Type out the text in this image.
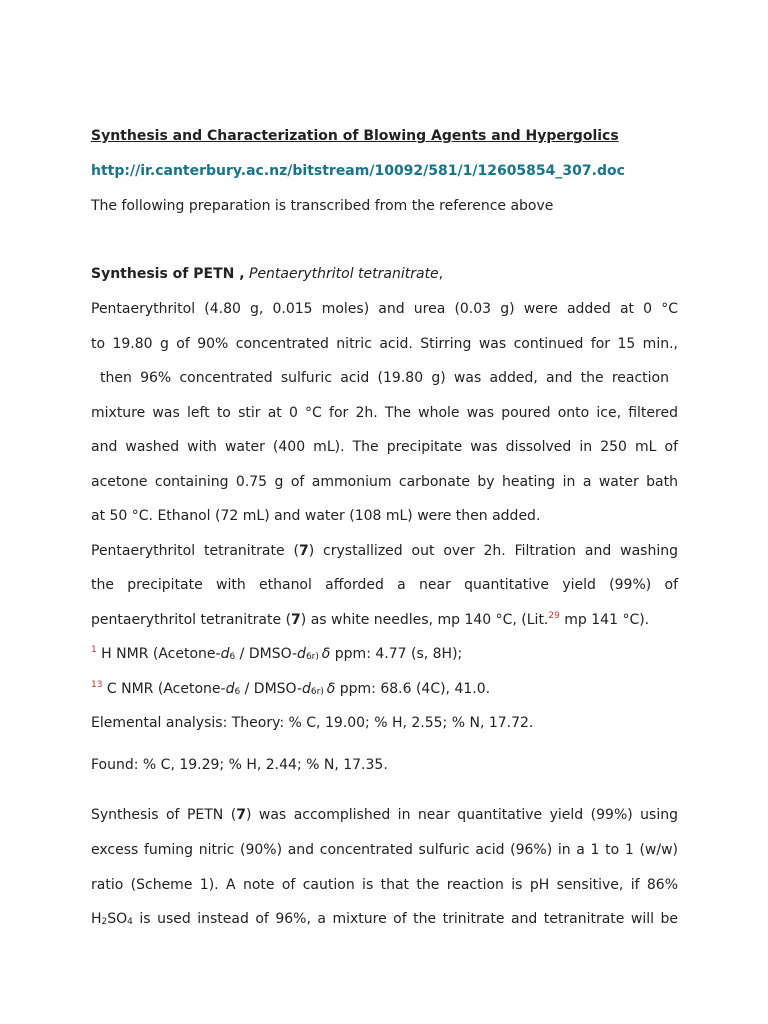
Synthesis and Characterization of Blowing Agents and Hypergolics
http://ir.canterbury.ac.nz/bitstream/10092/581/1/12605854_307.doc
The following preparation is transcribed from the reference above
Synthesis of PETN , Pentaerythritol tetranitrate,
Pentaerythritol (4.80 g, 0.015 moles) and urea (0.03 g) were added at 0 °C
to 19.80 g of 90% concentrated nitric acid. Stirring was continued for 15 min.,
then 96% concentrated sulfuric acid (19.80 g) was added, and the reaction
mixture was left to stir at 0 °C for 2h. The whole was poured onto ice, filtered
and washed with water (400 mL). The precipitate was dissolved in 250 mL of
acetone containing 0.75 g of ammonium carbonate by heating in a water bath
at 50 °C. Ethanol (72 mL) and water (108 mL) were then added.
Pentaerythritol tetranitrate (7) crystallized out over 2h. Filtration and washing
the precipitate with ethanol afforded a near quantitative yield (99%) of
pentaerythritol tetranitrate (7) as white needles, mp 140 °C, (Lit.$^{29}$ mp 141 °C).
$^1$ H NMR ($Acetone-d_6$ / DMSO-$d_{6r)}$ δ ppm: 4.77 (s, 8H);
$^{13}$ C NMR ($Acetone-d_6$ / DMSO-$d_{6r)}$ δ ppm: 68.6 (4C), 41.0.
Elemental analysis: Theory: % C, 19.00; % H, 2.55; % N, 17.72.
Found: % C, 19.29; % H, 2.44; % N, 17.35.
Synthesis of PETN (7) was accomplished in near quantitative yield (99%) using
excess fuming nitric (90%) and concentrated sulfuric acid (96%) in a 1 to 1 (w/w)
ratio (Scheme 1). A note of caution is that the reaction is pH sensitive, if 86%
$H_2SO_4$ is used instead of 96%, a mixture of the trinitrate and tetranitrate will be
